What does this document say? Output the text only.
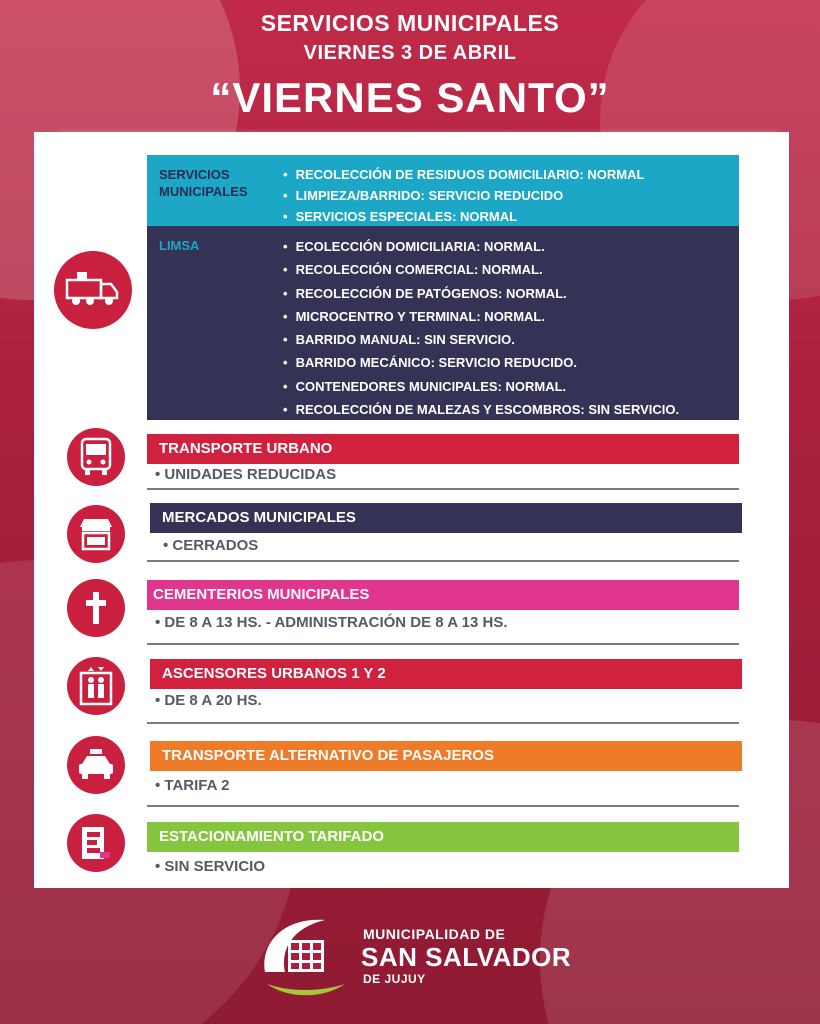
SERVICIOS MUNICIPALES
VIERNES 3 DE ABRIL
“VIERNES SANTO”
SERVICIOS MUNICIPALES
• RECOLECCIÓN DE RESIDUOS DOMICILIARIO: NORMAL
• LIMPIEZA/BARRIDO: SERVICIO REDUCIDO
• SERVICIOS ESPECIALES: NORMAL
LIMSA
•	ECOLECCIÓN DOMICILIARIA: NORMAL.
• RECOLECCIÓN COMERCIAL: NORMAL.
• RECOLECCIÓN DE PATÓGENOS: NORMAL.
• MICROCENTRO Y TERMINAL: NORMAL.
• BARRIDO MANUAL: SIN SERVICIO.
• BARRIDO MECÁNICO: SERVICIO REDUCIDO.
• CONTENEDORES MUNICIPALES: NORMAL.
• RECOLECCIÓN DE MALEZAS Y ESCOMBROS: SIN SERVICIO.
TRANSPORTE URBANO
• UNIDADES REDUCIDAS
MERCADOS MUNICIPALES
• CERRADOS
CEMENTERIOS MUNICIPALES
• DE 8 A 13 HS. - ADMINISTRACIÓN DE 8 A 13 HS.
ASCENSORES URBANOS 1 Y 2
• DE 8 A 20 HS.
TRANSPORTE ALTERNATIVO DE PASAJEROS
• TARIFA 2
ESTACIONAMIENTO TARIFADO
• SIN SERVICIO
MUNICIPALIDAD DE
SAN SALVADOR
DE JUJUY
